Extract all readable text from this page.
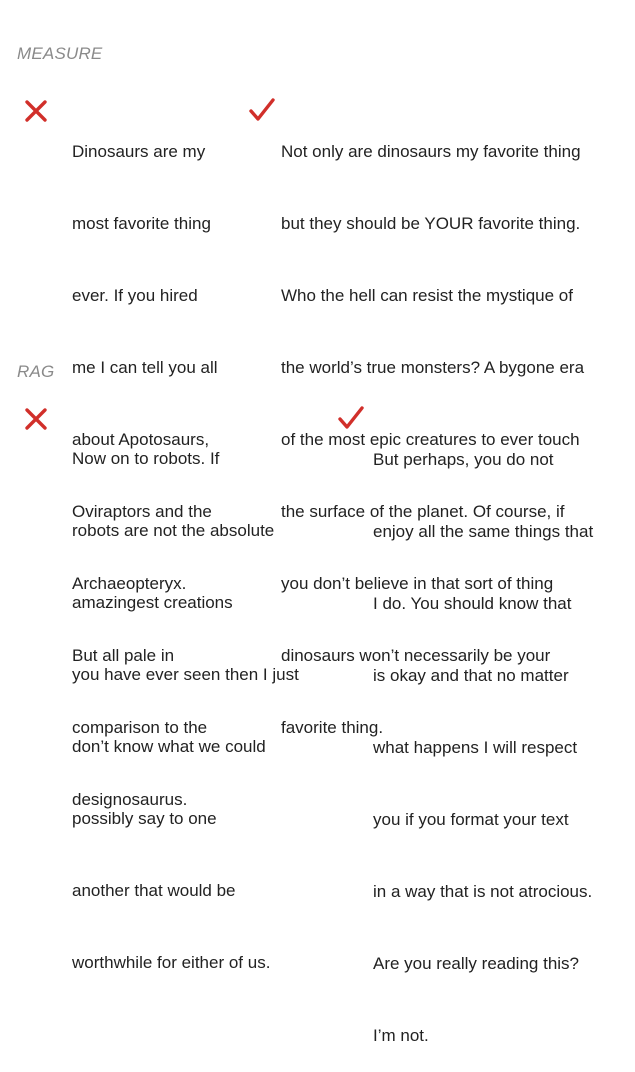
MEASURE

Dinosaurs are my

most favorite thing

ever. If you hired

me I can tell you all

about Apotosaurs,

Oviraptors and the

Archaeopteryx.

But all pale in

comparison to the

designosaurus.

Not only are dinosaurs my favorite thing

but they should be YOUR favorite thing.

Who the hell can resist the mystique of

the world’s true monsters? A bygone era

of the most epic creatures to ever touch

the surface of the planet. Of course, if

you don’t believe in that sort of thing

dinosaurs won’t necessarily be your

favorite thing.

RAG

Now on to robots. If

robots are not the absolute

amazingest creations

you have ever seen then I just

don’t know what we could

possibly say to one

another that would be

worthwhile for either of us.

But perhaps, you do not

enjoy all the same things that

I do. You should know that

is okay and that no matter

what happens I will respect

you if you format your text

in a way that is not atrocious.

Are you really reading this?

I’m not.
